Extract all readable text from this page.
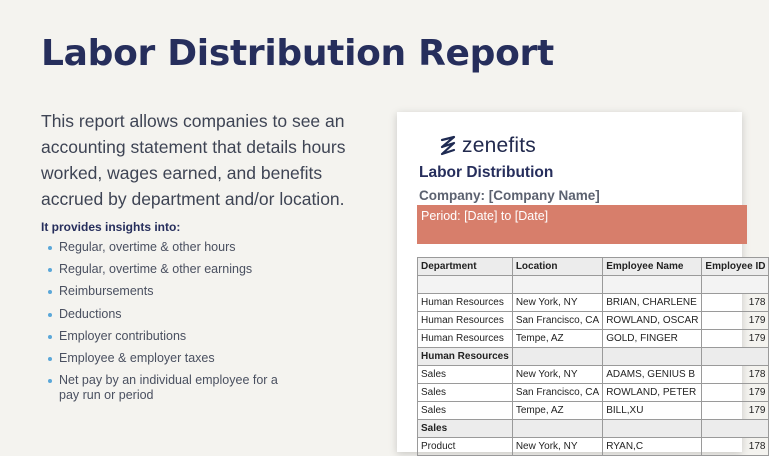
Labor Distribution Report
This report allows companies to see an accounting statement that details hours worked, wages earned, and benefits accrued by department and/or location.
It provides insights into:
Regular, overtime & other hours
Regular, overtime & other earnings
Reimbursements
Deductions
Employer contributions
Employee & employer taxes
Net pay by an individual employee for a pay run or period
zenefits
Labor Distribution
Company: [Company Name]
Period: [Date] to [Date]
Department	Location	Employee Name	Employee ID

Human Resources	New York, NY	BRIAN, CHARLENE	178
Human Resources	San Francisco, CA	ROWLAND, OSCAR	179
Human Resources	Tempe, AZ	GOLD, FINGER	179
Human Resources			
Sales	New York, NY	ADAMS, GENIUS B	178
Sales	San Francisco, CA	ROWLAND, PETER	179
Sales	Tempe, AZ	BILL,XU	179
Sales			
Product	New York, NY	RYAN,C	178
